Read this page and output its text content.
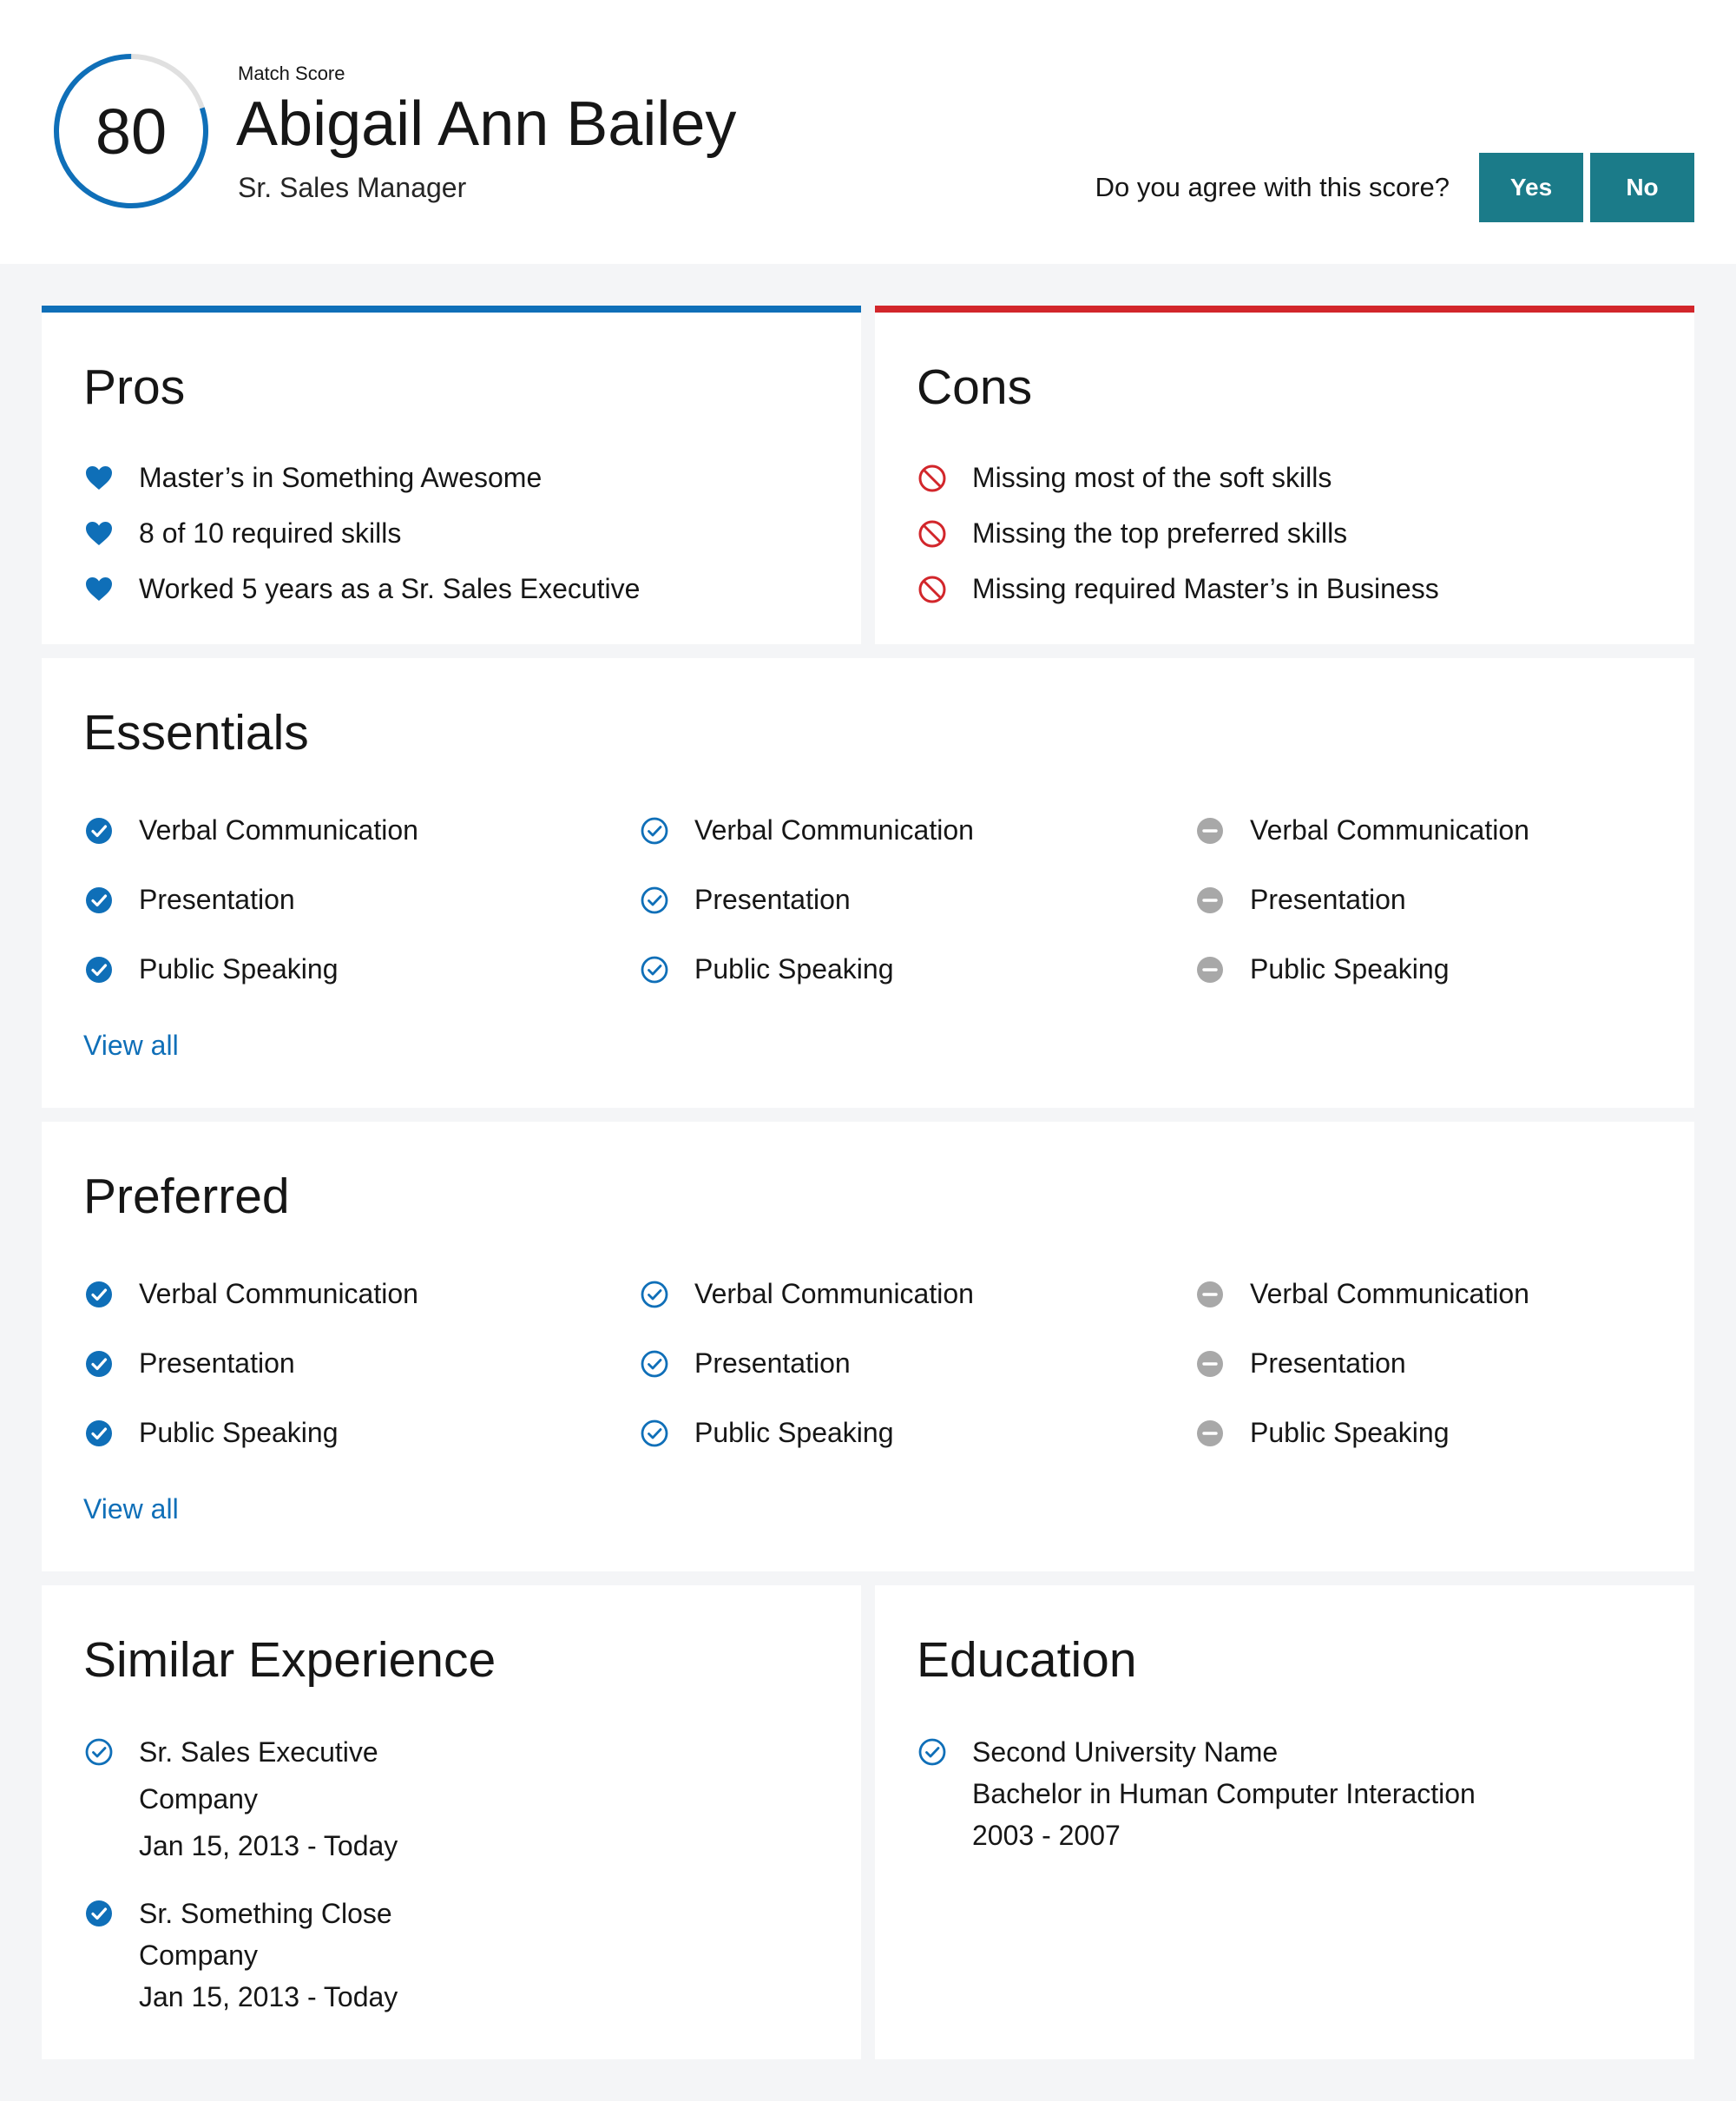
80
Match Score
Abigail Ann Bailey
Sr. Sales Manager	Do you agree with this score?	Yes	No
Pros
Master’s in Something Awesome
8 of 10 required skills
Worked 5 years as a Sr. Sales Executive
Cons
Missing most of the soft skills
Missing the top preferred skills
Missing required Master’s in Business
Essentials
Verbal Communication
Presentation
Public Speaking
Verbal Communication
Presentation
Public Speaking
Verbal Communication
Presentation
Public Speaking
View all
Preferred
Verbal Communication
Presentation
Public Speaking
Verbal Communication
Presentation
Public Speaking
Verbal Communication
Presentation
Public Speaking
View all
Similar Experience
Sr. Sales Executive
Company
Jan 15, 2013 - Today
Sr. Something Close
Company
Jan 15, 2013 - Today
Education
Second University Name
Bachelor in Human Computer Interaction
2003 - 2007
